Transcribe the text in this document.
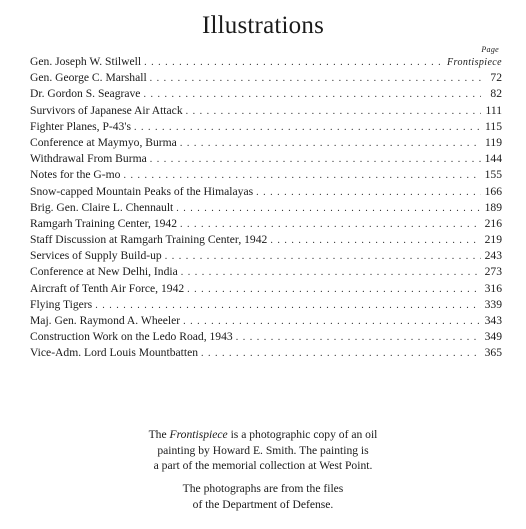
Illustrations
Page
Gen. Joseph W. Stilwell . . .	Frontispiece
Gen. George C. Marshall . . .	72
Dr. Gordon S. Seagrave . . .	82
Survivors of Japanese Air Attack . . .	111
Fighter Planes, P-43's . . .	115
Conference at Maymyo, Burma . . .	119
Withdrawal From Burma . . .	144
Notes for the G-mo . . .	155
Snow-capped Mountain Peaks of the Himalayas . . .	166
Brig. Gen. Claire L. Chennault . . .	189
Ramgarh Training Center, 1942 . . .	216
Staff Discussion at Ramgarh Training Center, 1942 . . .	219
Services of Supply Build-up . . .	243
Conference at New Delhi, India . . .	273
Aircraft of Tenth Air Force, 1942 . . .	316
Flying Tigers . . .	339
Maj. Gen. Raymond A. Wheeler . . .	343
Construction Work on the Ledo Road, 1943 . . .	349
Vice-Adm. Lord Louis Mountbatten . . .	365
The Frontispiece is a photographic copy of an oil
painting by Howard E. Smith. The painting is
a part of the memorial collection at West Point.
The photographs are from the files
of the Department of Defense.
